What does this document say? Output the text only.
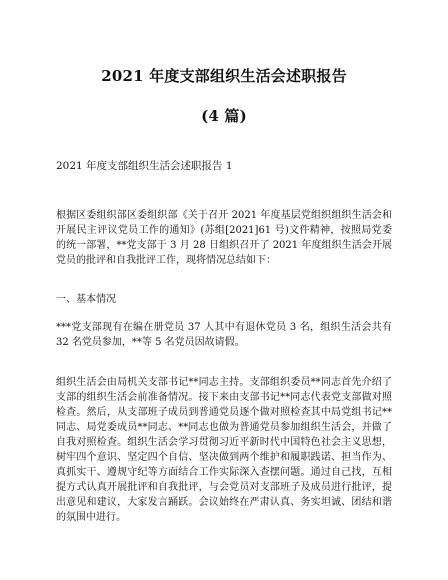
2021 年度支部组织生活会述职报告
(4 篇)
2021 年度支部组织生活会述职报告 1
根据区委组织部区委组织部《关于召开 2021 年度基层党组织组织生活会和开展民主评议党员工作的通知》(苏组[2021]61 号)文件精神，按照局党委的统一部署，**党支部于 3 月 28 日组织召开了 2021 年度组织生活会开展党员的批评和自我批评工作，现将情况总结如下：
一、基本情况
***党支部现有在编在册党员 37 人其中有退休党员 3 名，组织生活会共有 32 名党员参加，**等 5 名党员因故请假。
组织生活会由局机关支部书记**同志主持。支部组织委员**同志首先介绍了支部的组织生活会前准备情况。接下来由支部书记**同志代表党支部做对照检查。然后，从支部班子成员到普通党员逐个做对照检查其中局党组书记**同志、局党委成员**同志、**同志也做为普通党员参加组织生活会，并做了自我对照检查。组织生活会学习贯彻习近平新时代中国特色社会主义思想，树牢四个意识、坚定四个自信、坚决做到两个维护和履职践诺、担当作为、真抓实干、遵规守纪等方面结合工作实际深入查摆问题。通过自己找，互相提方式认真开展批评和自我批评，与会党员对支部班子及成员进行批评，提出意见和建议，大家发言踊跃。会议始终在严肃认真、务实坦诚、团结和谐的氛围中进行。
